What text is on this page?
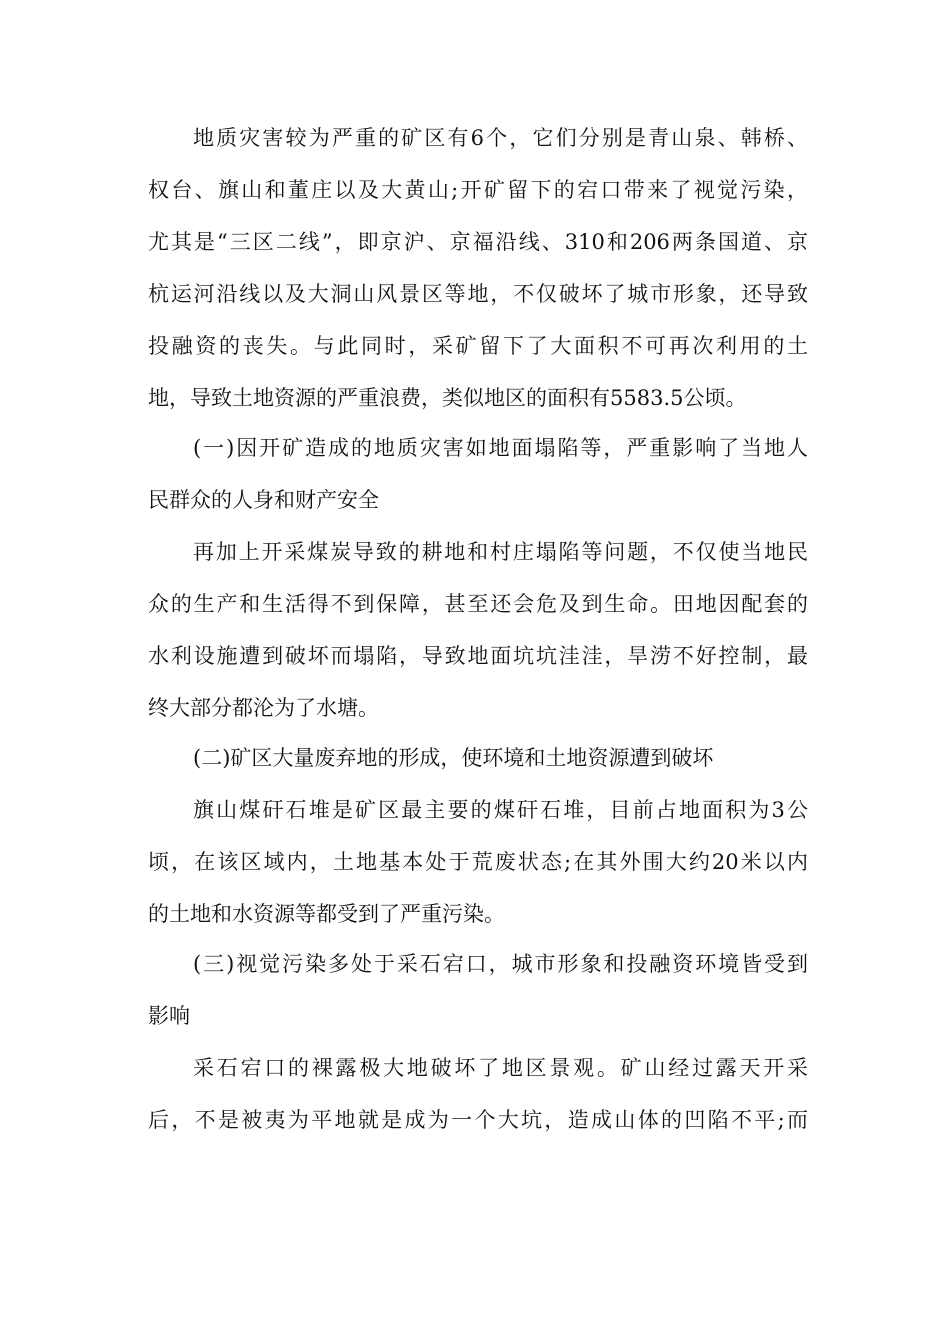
地质灾害较为严重的矿区有6个，它们分别是青山泉、韩桥、
权台、旗山和董庄以及大黄山;开矿留下的宕口带来了视觉污染，
尤其是“三区二线”，即京沪、京福沿线、310和206两条国道、京
杭运河沿线以及大洞山风景区等地，不仅破坏了城市形象，还导致
投融资的丧失。与此同时，采矿留下了大面积不可再次利用的土
地，导致土地资源的严重浪费，类似地区的面积有5583.5公顷。
(一)因开矿造成的地质灾害如地面塌陷等，严重影响了当地人
民群众的人身和财产安全
再加上开采煤炭导致的耕地和村庄塌陷等问题，不仅使当地民
众的生产和生活得不到保障，甚至还会危及到生命。田地因配套的
水利设施遭到破坏而塌陷，导致地面坑坑洼洼，旱涝不好控制，最
终大部分都沦为了水塘。
(二)矿区大量废弃地的形成，使环境和土地资源遭到破坏
旗山煤矸石堆是矿区最主要的煤矸石堆，目前占地面积为3公
顷，在该区域内，土地基本处于荒废状态;在其外围大约20米以内
的土地和水资源等都受到了严重污染。
(三)视觉污染多处于采石宕口，城市形象和投融资环境皆受到
影响
采石宕口的裸露极大地破坏了地区景观。矿山经过露天开采
后，不是被夷为平地就是成为一个大坑，造成山体的凹陷不平;而
